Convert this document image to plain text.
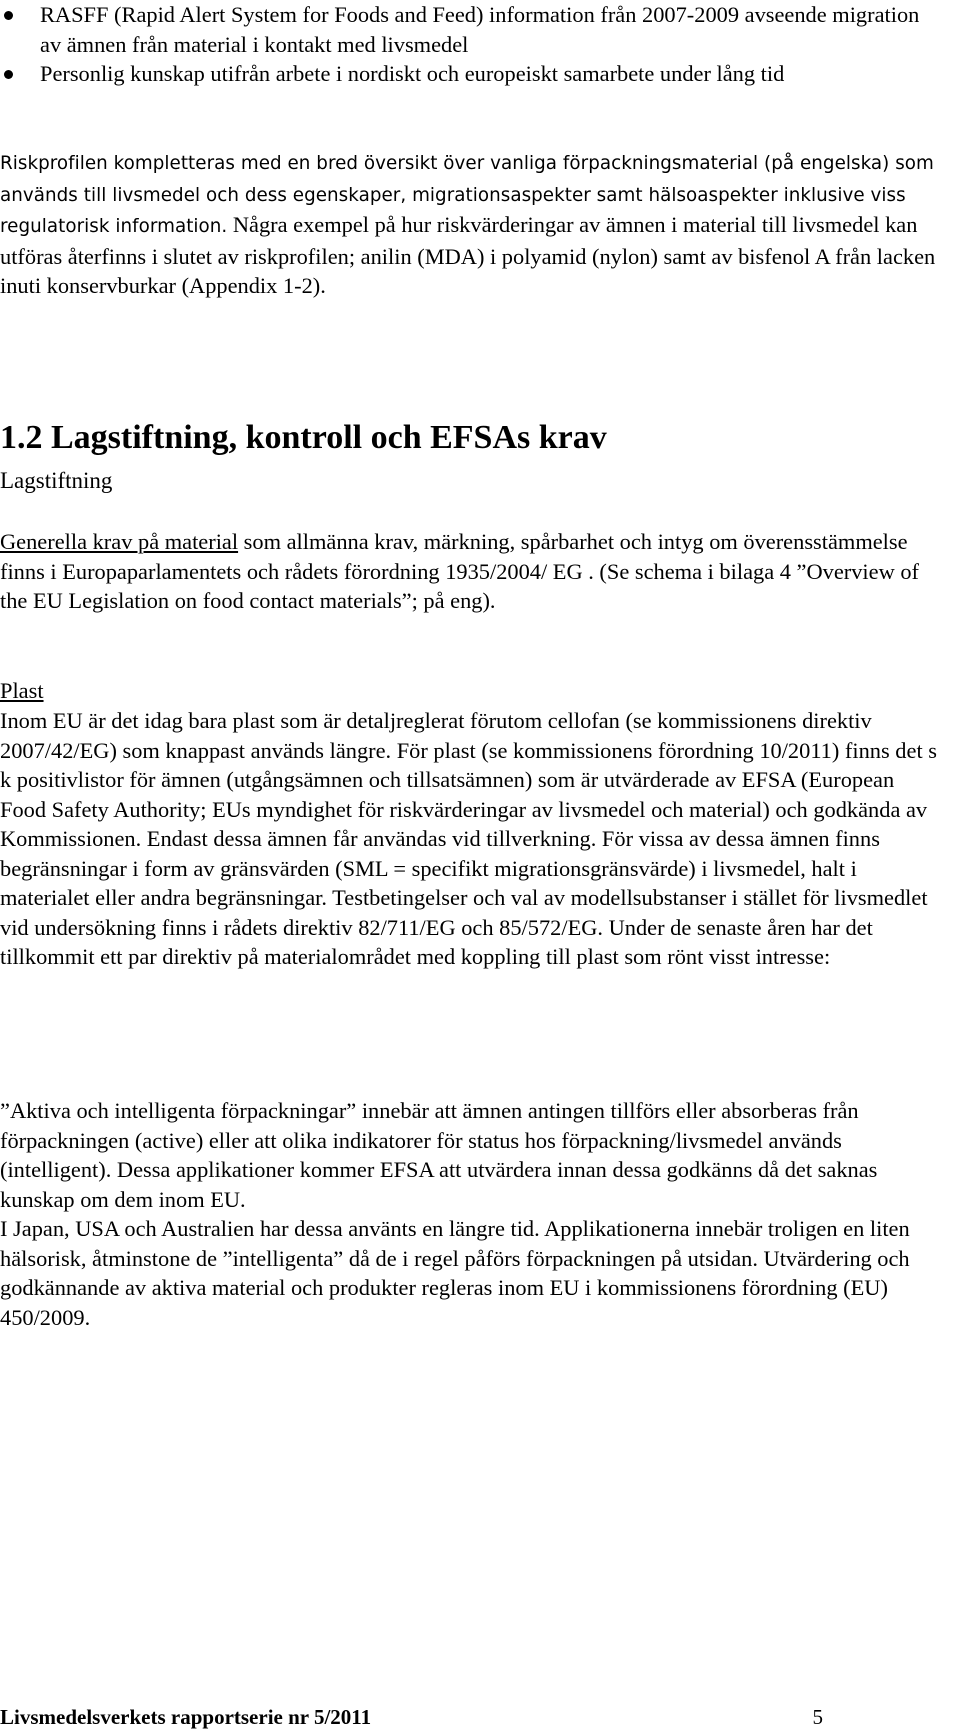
RASFF (Rapid Alert System for Foods and Feed) information från 2007-2009 avseende migration av ämnen från material i kontakt med livsmedel
Personlig kunskap utifrån arbete i nordiskt och europeiskt samarbete under lång tid

Riskprofilen kompletteras med en bred översikt över vanliga förpackningsmaterial (på engelska) som används till livsmedel och dess egenskaper, migrationsaspekter samt hälsoaspekter inklusive viss regulatorisk information. Några exempel på hur riskvärderingar av ämnen i material till livsmedel kan utföras återfinns i slutet av riskprofilen; anilin (MDA) i polyamid (nylon) samt av bisfenol A från lacken inuti konservburkar (Appendix 1-2).

1.2 Lagstiftning, kontroll och EFSAs krav
Lagstiftning

Generella krav på material som allmänna krav, märkning, spårbarhet och intyg om överensstämmelse finns i Europaparlamentets och rådets förordning 1935/2004/ EG . (Se schema i bilaga 4 ”Overview of the EU Legislation on food contact materials”; på eng).

Plast

Inom EU är det idag bara plast som är detaljreglerat förutom cellofan (se kommissionens direktiv 2007/42/EG) som knappast används längre. För plast (se kommissionens förordning 10/2011) finns det s k positivlistor för ämnen (utgångsämnen och tillsatsämnen) som är utvärderade av EFSA (European Food Safety Authority; EUs myndighet för riskvärderingar av livsmedel och material) och godkända av Kommissionen. Endast dessa ämnen får användas vid tillverkning. För vissa av dessa ämnen finns begränsningar i form av gränsvärden (SML = specifikt migrationsgränsvärde) i livsmedel, halt i materialet eller andra begränsningar. Testbetingelser och val av modellsubstanser i stället för livsmedlet vid undersökning finns i rådets direktiv 82/711/EG och 85/572/EG. Under de senaste åren har det tillkommit ett par direktiv på materialområdet med koppling till plast som rönt visst intresse:

”Aktiva och intelligenta förpackningar” innebär att ämnen antingen tillförs eller absorberas från förpackningen (active) eller att olika indikatorer för status hos förpackning/livsmedel används (intelligent). Dessa applikationer kommer EFSA att utvärdera innan dessa godkänns då det saknas kunskap om dem inom EU.

I Japan, USA och Australien har dessa använts en längre tid. Applikationerna innebär troligen en liten hälsorisk, åtminstone de ”intelligenta” då de i regel påförs förpackningen på utsidan. Utvärdering och godkännande av aktiva material och produkter regleras inom EU i kommissionens förordning (EU) 450/2009.

Livsmedelsverkets rapportserie nr 5/2011	5
